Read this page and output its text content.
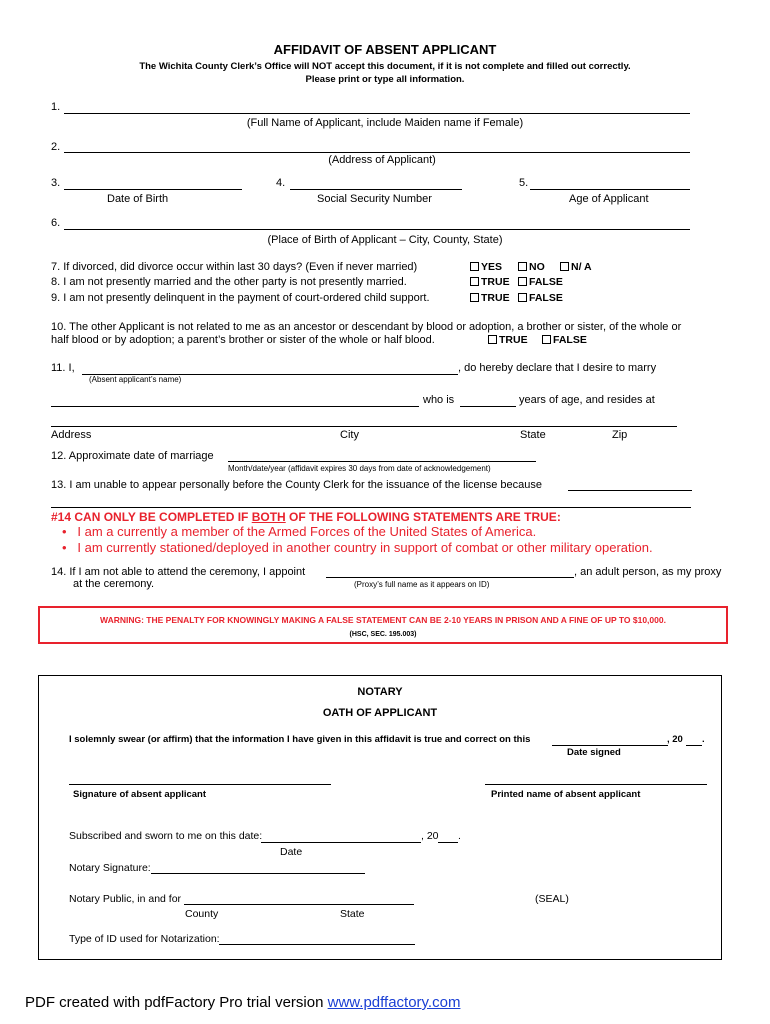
AFFIDAVIT OF ABSENT APPLICANT
The Wichita County Clerk’s Office will NOT accept this document, if it is not complete and filled out correctly.
Please print or type all information.
1.
(Full Name of Applicant, include Maiden name if Female)
2.
(Address of Applicant)
3.
Date of Birth
4.
Social Security Number
5.
Age of Applicant
6.
(Place of Birth of Applicant – City, County, State)
7. If divorced, did divorce occur within last 30 days? (Even if never married)	YES	NO	N/ A
8. I am not presently married and the other party is not presently married.	TRUE	FALSE
9. I am not presently delinquent in the payment of court-ordered child support.	TRUE	FALSE
10. The other Applicant is not related to me as an ancestor or descendant by blood or adoption, a brother or sister, of the whole or
half blood or by adoption; a parent’s brother or sister of the whole or half blood.	TRUE	FALSE
11. I,	, do hereby declare that I desire to marry
(Absent applicant’s name)
who is	years of age, and resides at
Address	City	State	Zip
12. Approximate date of marriage
Month/date/year (affidavit expires 30 days from date of acknowledgement)
13. I am unable to appear personally before the County Clerk for the issuance of the license because
#14 CAN ONLY BE COMPLETED IF BOTH OF THE FOLLOWING STATEMENTS ARE TRUE:
•   I am a currently a member of the Armed Forces of the United States of America.
•   I am currently stationed/deployed in another country in support of combat or other military operation.
14. If I am not able to attend the ceremony, I appoint	, an adult person, as my proxy
at the ceremony.	(Proxy’s full name as it appears on ID)
WARNING: THE PENALTY FOR KNOWINGLY MAKING A FALSE STATEMENT CAN BE 2-10 YEARS IN PRISON AND A FINE OF UP TO $10,000.
(HSC, SEC. 195.003)
NOTARY
OATH OF APPLICANT
I solemnly swear (or affirm) that the information I have given in this affidavit is true and correct on this	, 20 .
Date signed
Signature of absent applicant	Printed name of absent applicant
Subscribed and sworn to me on this date:	, 20 .
Date
Notary Signature:
Notary Public, in and for	(SEAL)
County	State
Type of ID used for Notarization:
PDF created with pdfFactory Pro trial version www.pdffactory.com
